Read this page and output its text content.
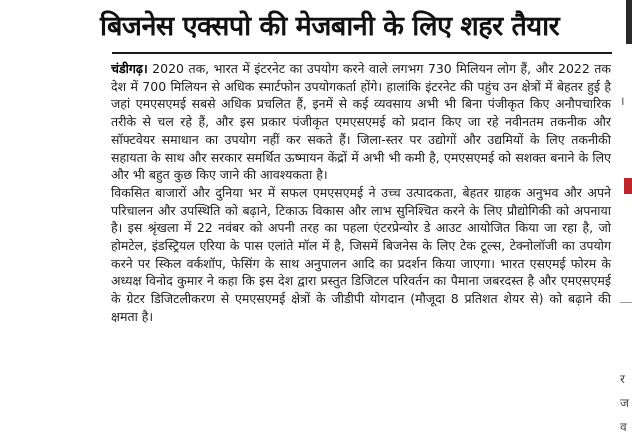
बिजनेस एक्सपो की मेजबानी के लिए शहर तैयार

चंडीगढ़। 2020 तक, भारत में इंटरनेट का उपयोग करने वाले लगभग 730 मिलियन लोग हैं, और 2022 तक देश में 700 मिलियन से अधिक स्मार्टफोन उपयोगकर्ता होंगे। हालांकि इंटरनेट की पहुंच उन क्षेत्रों में बेहतर हुई है जहां एमएसएमई सबसे अधिक प्रचलित हैं, इनमें से कई व्यवसाय अभी भी बिना पंजीकृत किए अनौपचारिक तरीके से चल रहे हैं, और इस प्रकार पंजीकृत एमएसएमई को प्रदान किए जा रहे नवीनतम तकनीक और सॉफ्टवेयर समाधान का उपयोग नहीं कर सकते हैं। जिला-स्तर पर उद्योगों और उद्यमियों के लिए तकनीकी सहायता के साथ और सरकार समर्थित ऊष्मायन केंद्रों में अभी भी कमी है, एमएसएमई को सशक्त बनाने के लिए और भी बहुत कुछ किए जाने की आवश्यकता है।

विकसित बाजारों और दुनिया भर में सफल एमएसएमई ने उच्च उत्पादकता, बेहतर ग्राहक अनुभव और अपने परिचालन और उपस्थिति को बढ़ाने, टिकाऊ विकास और लाभ सुनिश्चित करने के लिए प्रौद्योगिकी को अपनाया है। इस श्रृंखला में 22 नवंबर को अपनी तरह का पहला एंटरप्रेन्योर डे आउट आयोजित किया जा रहा है, जो होमटेल, इंडस्ट्रियल एरिया के पास एलांते मॉल में है, जिसमें बिजनेस के लिए टेक टूल्स, टेक्नोलॉजी का उपयोग करने पर स्किल वर्कशॉप, फेसिंग के साथ अनुपालन आदि का प्रदर्शन किया जाएगा। भारत एसएमई फोरम के अध्यक्ष विनोद कुमार ने कहा कि इस देश द्वारा प्रस्तुत डिजिटल परिवर्तन का पैमाना जबरदस्त है और एमएसएमई के ग्रेटर डिजिटलीकरण से एमएसएमई क्षेत्रों के जीडीपी योगदान (मौजूदा 8 प्रतिशत शेयर से) को बढ़ाने की क्षमता है।

।
र
ज
व
